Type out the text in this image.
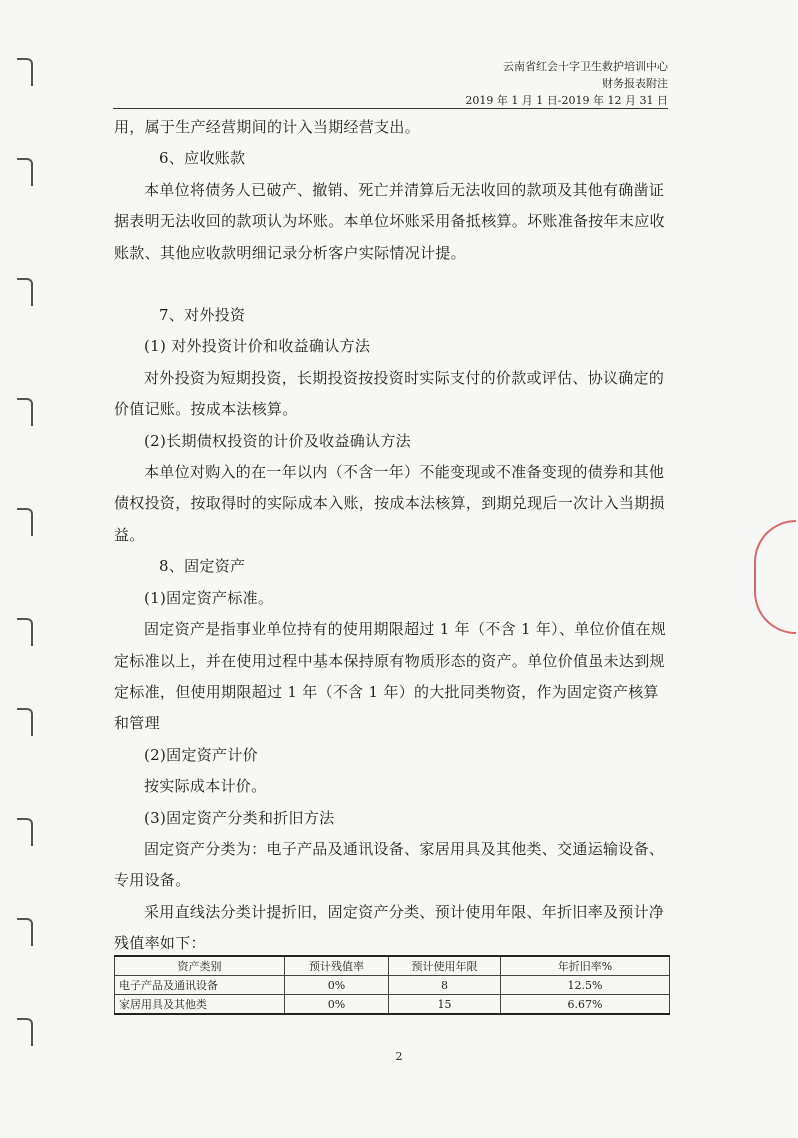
云南省红会十字卫生救护培训中心
财务报表附注
2019 年 1 月 1 日-2019 年 12 月 31 日

用，属于生产经营期间的计入当期经营支出。

6、应收账款

本单位将债务人已破产、撤销、死亡并清算后无法收回的款项及其他有确凿证据表明无法收回的款项认为坏账。本单位坏账采用备抵核算。坏账准备按年末应收账款、其他应收款明细记录分析客户实际情况计提。

7、对外投资

(1) 对外投资计价和收益确认方法

对外投资为短期投资，长期投资按投资时实际支付的价款或评估、协议确定的价值记账。按成本法核算。

(2)长期债权投资的计价及收益确认方法

本单位对购入的在一年以内（不含一年）不能变现或不准备变现的债券和其他债权投资，按取得时的实际成本入账，按成本法核算，到期兑现后一次计入当期损益。

8、固定资产

(1)固定资产标准。

固定资产是指事业单位持有的使用期限超过 1 年（不含 1 年）、单位价值在规定标准以上，并在使用过程中基本保持原有物质形态的资产。单位价值虽未达到规定标准，但使用期限超过 1 年（不含 1 年）的大批同类物资，作为固定资产核算和管理

(2)固定资产计价

按实际成本计价。

(3)固定资产分类和折旧方法

固定资产分类为：电子产品及通讯设备、家居用具及其他类、交通运输设备、专用设备。

采用直线法分类计提折旧，固定资产分类、预计使用年限、年折旧率及预计净残值率如下：

资产类别	预计残值率	预计使用年限	年折旧率%
电子产品及通讯设备	0%	8	12.5%
家居用具及其他类	0%	15	6.67%
2
